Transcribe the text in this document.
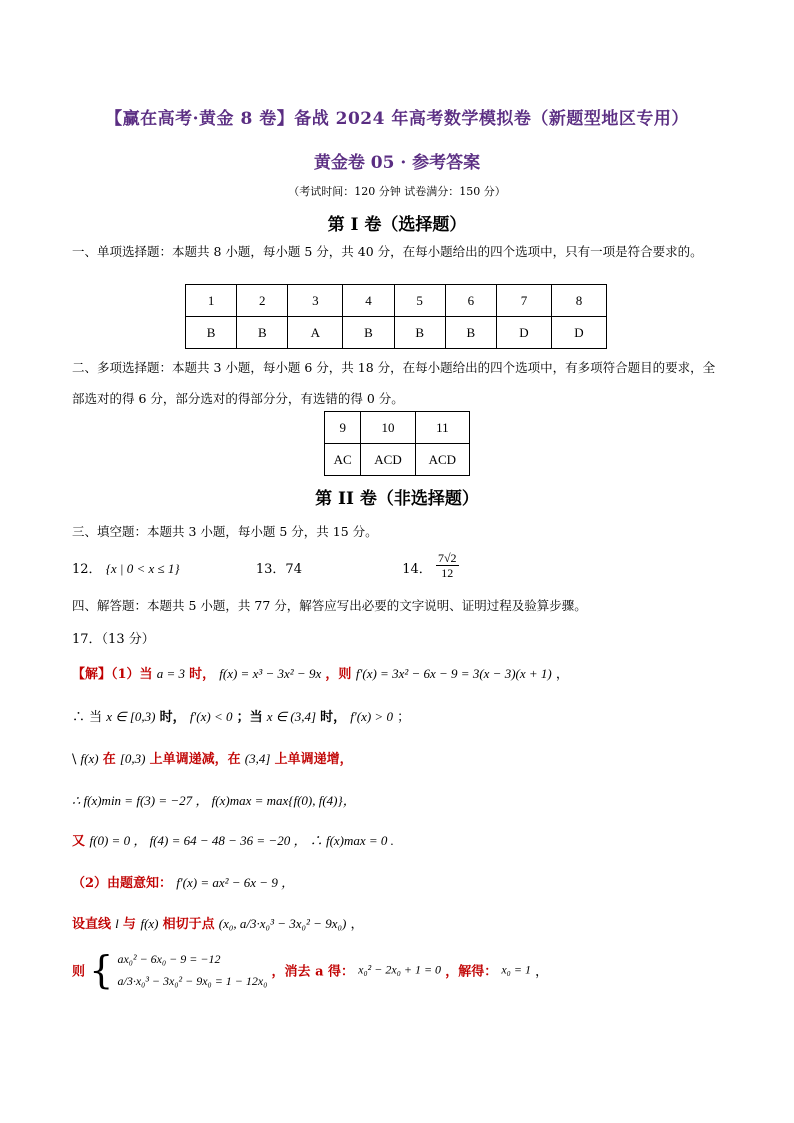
【赢在高考·黄金 8 卷】备战 2024 年高考数学模拟卷（新题型地区专用）
黄金卷 05 · 参考答案
（考试时间：120 分钟 试卷满分：150 分）
第 I 卷（选择题）
一、单项选择题：本题共 8 小题，每小题 5 分，共 40 分，在每小题给出的四个选项中，只有一项是符合要求的。
1	2	3	4	5	6	7	8
B	B	A	B	B	B	D	D
二、多项选择题：本题共 3 小题，每小题 6 分，共 18 分，在每小题给出的四个选项中，有多项符合题目的要求，全部选对的得 6 分，部分选对的得部分分，有选错的得 0 分。
9	10	11
AC	ACD	ACD
第 II 卷（非选择题）
三、填空题：本题共 3 小题，每小题 5 分，共 15 分。
12． {x | 0 < x ≤ 1}	13．74	14． $\frac{7√2}{12}$
四、解答题：本题共 5 小题，共 77 分，解答应写出必要的文字说明、证明过程及验算步骤。
17．（13 分）
【解】（1）当 a = 3 时， f(x) = x³ − 3x² − 9x ，则 f′(x) = 3x² − 6x − 9 = 3(x − 3)(x + 1) ，
∴ 当 x ∈ [0,3) 时， f′(x) < 0 ；当 x ∈ (3,4] 时， f′(x) > 0 ；
\ f(x) 在 [0,3) 上单调递减，在 (3,4] 上单调递增，
∴ f(x)min = f(3) = −27 ， f(x)max = max{f(0), f(4)}，
又 f(0) = 0 ， f(4) = 64 − 48 − 36 = −20 ， ∴ f(x)max = 0 .
（2）由题意知： f′(x) = ax² − 6x − 9 ，
设直线 l 与 f(x) 相切于点 (x₀, a/3·x₀³ − 3x₀² − 9x₀) ，
则 { ax₀² − 6x₀ − 9 = −12
a/3·x₀³ − 3x₀² − 9x₀ = 1 − 12x₀
，消去 a 得： x₀² − 2x₀ + 1 = 0 ，解得： x₀ = 1 ，
